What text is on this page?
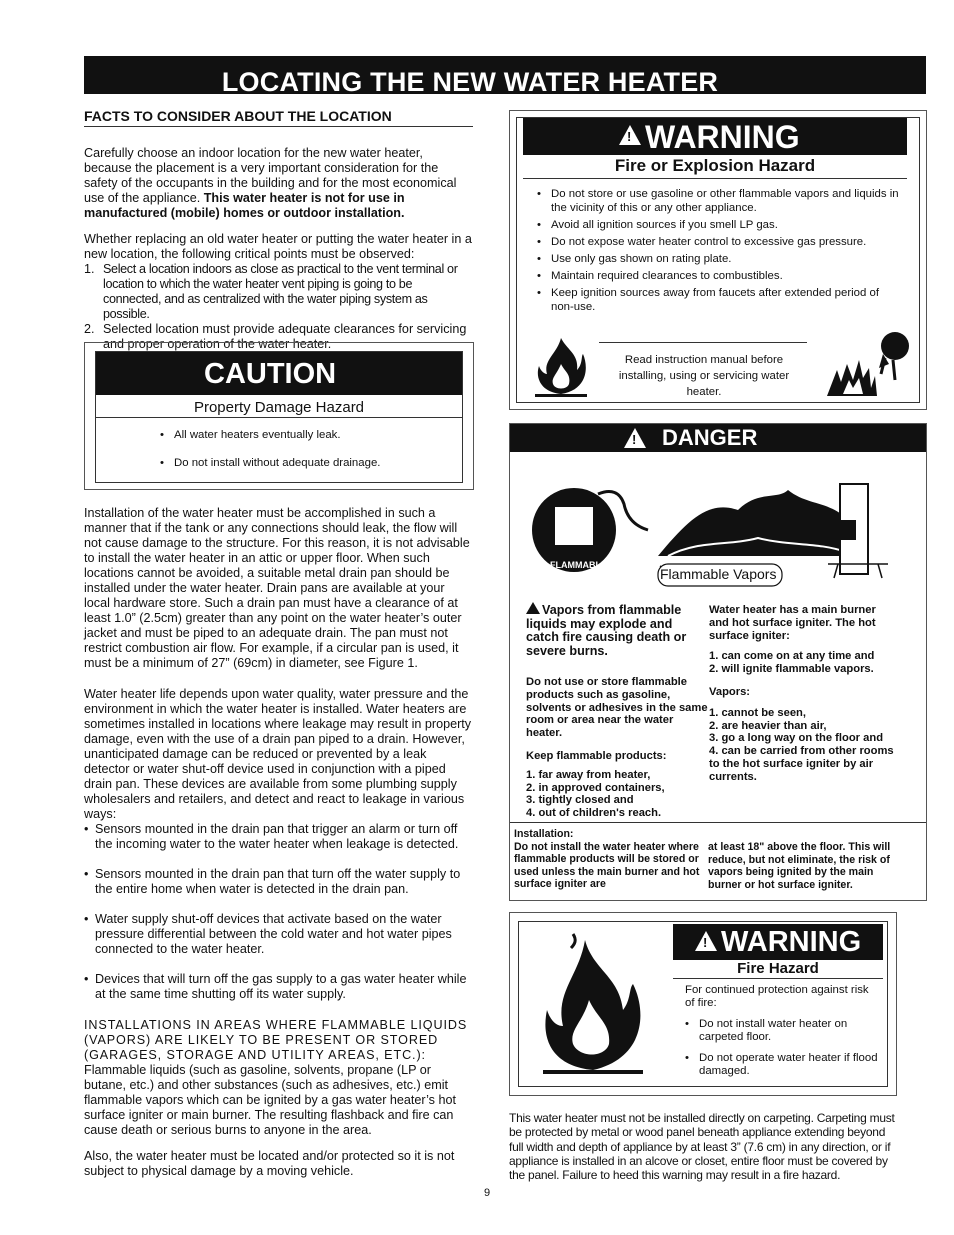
LOCATING THE NEW WATER HEATER
FACTS TO CONSIDER ABOUT THE LOCATION

Carefully choose an indoor location for the new water heater, because the placement is a very important consideration for the safety of the occupants in the building and for the most economical use of the appliance. This water heater is not for use in manufactured (mobile) homes or outdoor installation.

Whether replacing an old water heater or putting the water heater in a new location, the following critical points must be observed:

1. Select a location indoors as close as practical to the vent terminal or location to which the water heater vent piping is going to be connected, and as centralized with the water piping system as possible.
2. Selected location must provide adequate clearances for servicing and proper operation of the water heater.
CAUTION
Property Damage Hazard
• All water heaters eventually leak.
• Do not install without adequate drainage.

Installation of the water heater must be accomplished in such a manner that if the tank or any connections should leak, the flow will not cause damage to the structure. For this reason, it is not advisable to install the water heater in an attic or upper floor. When such locations cannot be avoided, a suitable metal drain pan should be installed under the water heater. Drain pans are available at your local hardware store. Such a drain pan must have a clearance of at least 1.0” (2.5cm) greater than any point on the water heater’s outer jacket and must be piped to an adequate drain. The pan must not restrict combustion air flow. For example, if a circular pan is used, it must be a minimum of 27” (69cm) in diameter, see Figure 1.

Water heater life depends upon water quality, water pressure and the environment in which the water heater is installed. Water heaters are sometimes installed in locations where leakage may result in property damage, even with the use of a drain pan piped to a drain. However, unanticipated damage can be reduced or prevented by a leak detector or water shut-off device used in conjunction with a piped drain pan. These devices are available from some plumbing supply wholesalers and retailers, and detect and react to leakage in various ways:

• Sensors mounted in the drain pan that trigger an alarm or turn off the incoming water to the water heater when leakage is detected.
• Sensors mounted in the drain pan that turn off the water supply to the entire home when water is detected in the drain pan.
• Water supply shut-off devices that activate based on the water pressure differential between the cold water and hot water pipes connected to the water heater.
• Devices that will turn off the gas supply to a gas water heater while at the same time shutting off its water supply.

INSTALLATIONS IN AREAS WHERE FLAMMABLE LIQUIDS (VAPORS) ARE LIKELY TO BE PRESENT OR STORED (GARAGES, STORAGE AND UTILITY AREAS, ETC.): Flammable liquids (such as gasoline, solvents, propane (LP or butane, etc.) and other substances (such as adhesives, etc.) emit flammable vapors which can be ignited by a gas water heater’s hot surface igniter or main burner. The resulting flashback and fire can cause death or serious burns to anyone in the area.

Also, the water heater must be located and/or protected so it is not subject to physical damage by a moving vehicle.

! WARNING
Fire or Explosion Hazard
• Do not store or use gasoline or other flammable vapors and liquids in the vicinity of this or any other appliance.
• Avoid all ignition sources if you smell LP gas.
• Do not expose water heater control to excessive gas pressure.
• Use only gas shown on rating plate.
• Maintain required clearances to combustibles.
• Keep ignition sources away from faucets after extended period of non-use.
Read instruction manual before installing, using or servicing water heater.
! DANGER
FLAMMABLE
Flammable Vapors
Vapors from flammable liquids may explode and catch fire causing death or severe burns.

Do not use or store flammable products such as gasoline, solvents or adhesives in the same room or area near the water heater.

Keep flammable products:

1. far away from heater,

2. in approved containers,

3. tightly closed and

4. out of children's reach.

Water heater has a main burner and hot surface igniter. The hot surface igniter:

1. can come on at any time and

2. will ignite flammable vapors.

Vapors:

1. cannot be seen,

2. are heavier than air,

3. go a long way on the floor and

4. can be carried from other rooms to the hot surface igniter by air currents.

Installation:

Do not install the water heater where flammable products will be stored or used unless the main burner and hot surface igniter are

at least 18" above the floor. This will reduce, but not eliminate, the risk of vapors being ignited by the main burner or hot surface igniter.
! WARNING
Fire Hazard

For continued protection against risk of fire:

• Do not install water heater on carpeted floor.
• Do not operate water heater if flood damaged.
This water heater must not be installed directly on carpeting. Carpeting must be protected by metal or wood panel beneath appliance extending beyond full width and depth of appliance by at least 3” (7.6 cm) in any direction, or if appliance is installed in an alcove or closet, entire floor must be covered by the panel. Failure to heed this warning may result in a fire hazard.
9
